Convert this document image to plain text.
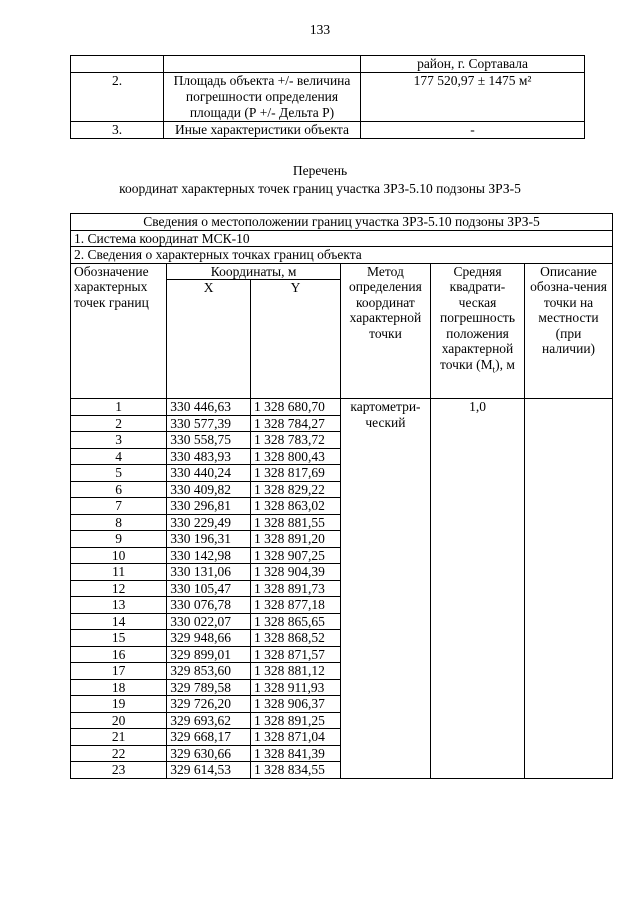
133
		район, г. Сортавала
2.	Площадь объекта +/- величина погрешности определения площади (Р +/- Дельта Р)	177 520,97 ± 1475 м²
3.	Иные характеристики объекта	-
Перечень
координат характерных точек границ участка ЗРЗ-5.10 подзоны ЗРЗ-5
Сведения о местоположении границ участка ЗРЗ-5.10 подзоны ЗРЗ-5					
1. Система координат МСК-10					
2. Сведения о характерных точках границ объекта					
Обозначение характерных точек границ	Координаты, м		Метод определения координат характерной точки	Средняя квадрати-ческая погрешность положения характерной точки $(M_t)$, м	Описание обозна-чения точки на местности (при наличии)
	X	Y			
1	330 446,63	1 328 680,70	картометри-ческий	1,0	
2	330 577,39	1 328 784,27			
3	330 558,75	1 328 783,72			
4	330 483,93	1 328 800,43			
5	330 440,24	1 328 817,69			
6	330 409,82	1 328 829,22			
7	330 296,81	1 328 863,02			
8	330 229,49	1 328 881,55			
9	330 196,31	1 328 891,20			
10	330 142,98	1 328 907,25			
11	330 131,06	1 328 904,39			
12	330 105,47	1 328 891,73			
13	330 076,78	1 328 877,18			
14	330 022,07	1 328 865,65			
15	329 948,66	1 328 868,52			
16	329 899,01	1 328 871,57			
17	329 853,60	1 328 881,12			
18	329 789,58	1 328 911,93			
19	329 726,20	1 328 906,37			
20	329 693,62	1 328 891,25			
21	329 668,17	1 328 871,04			
22	329 630,66	1 328 841,39			
23	329 614,53	1 328 834,55			
